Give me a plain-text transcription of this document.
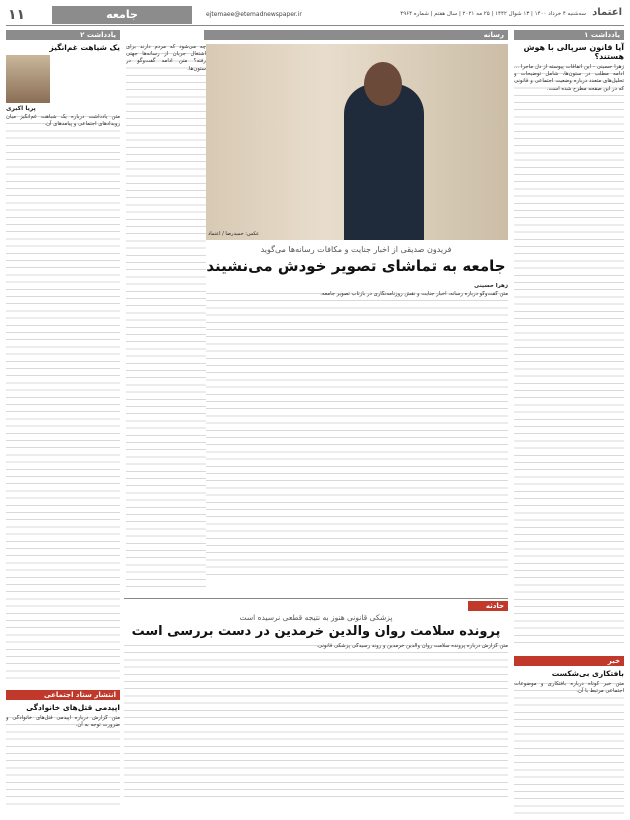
۱۱	جامعه	ejtemaee@etemadnewspaper.ir	سه‌شنبه ۴ خرداد ۱۴۰۰ | ۱۳ شوال ۱۴۴۲ | ۲۵ مه ۲۰۲۱ | سال هفتم | شماره ۴۹۶۴ اعتماد
یادداشت ۱
آیا قانون سرپالی با هوش هستند؟
زهرا حسینی - این اتفاقات پیوسته از دل ماجرا ... ادامه مطلب در ستون‌ها، شامل توضیحات و تحلیل‌های متعدد درباره وضعیت اجتماعی و قانونی که در این صفحه مطرح شده است.
خبر
بافتکاری بی‌شکست
متن خبر کوتاه درباره بافتکاری و موضوعات اجتماعی مرتبط با آن.
رسانه
عکس: حمیدرضا / اعتماد
فریدون صدیقی از اخبار جنایت و مکافات رسانه‌ها می‌گوید
جامعه به تماشای تصویر خودش می‌نشیند
زهرا حسینی
متن گفت‌وگو درباره رسانه، اخبار جنایت و نقش روزنامه‌نگاری در بازتاب تصویر جامعه.
چه می‌شود که مردم دارند برای اشتغال جریان از رسانه‌ها جهتی رفته؟ متن ادامه گفت‌وگو در ستون‌ها.
حادثه
پزشکی قانونی هنوز به نتیجه قطعی نرسیده است
پرونده سلامت روان والدین خرمدین در دست بررسی است
متن گزارش درباره پرونده سلامت روان والدین خرمدین و روند رسیدگی پزشکی قانونی.
یادداشت ۲
یک شیاهت غم‌انگیز
پریا اکبری
متن یادداشت درباره یک شباهت غم‌انگیز میان رویدادهای اجتماعی و پیامدهای آن.
انتشار ستاد اجتماعی
اپیدمی قتل‌های خانوادگی
متن گزارش درباره اپیدمی قتل‌های خانوادگی و ضرورت توجه به آن.
